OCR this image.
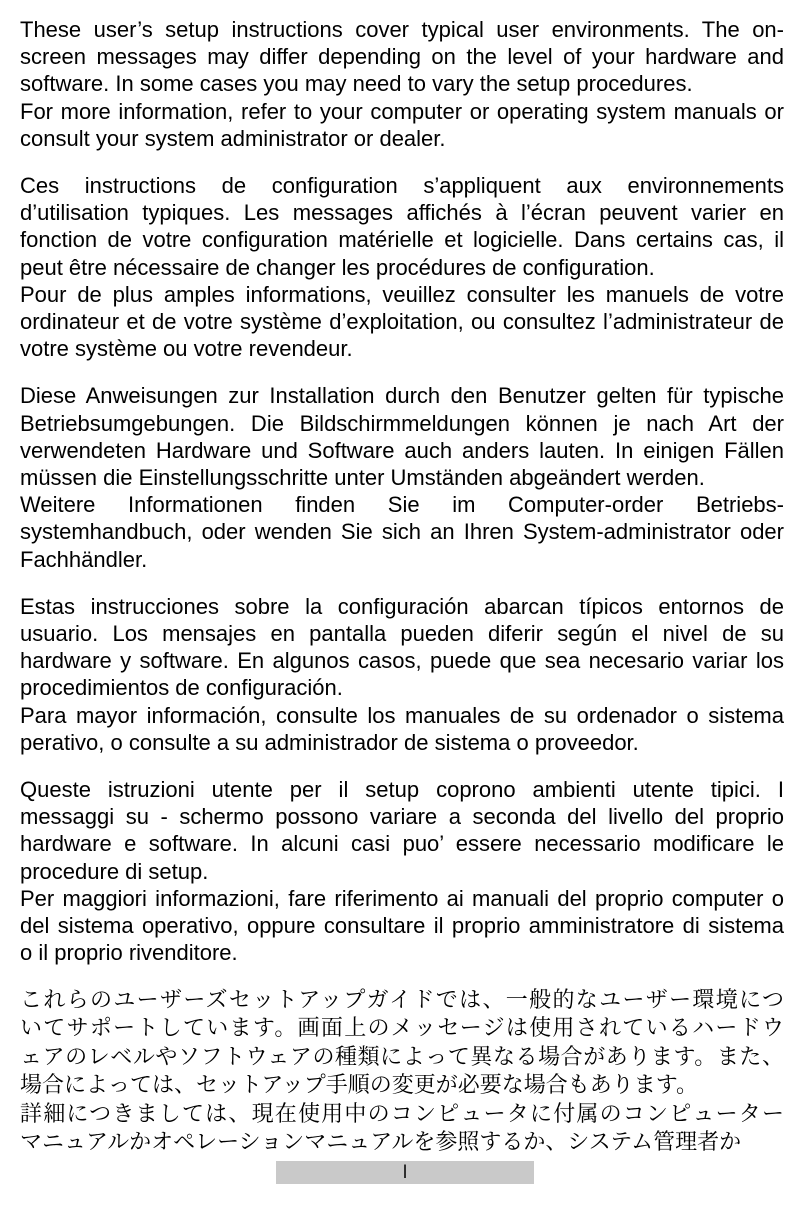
These user’s setup instructions cover typical user environments. The on-
screen messages may differ depending on the level of your hardware and
software. In some cases you may need to vary the setup procedures.
For more information, refer to your computer or operating system manuals or
consult your system administrator or dealer.
Ces instructions de configuration s’appliquent aux environnements
d’utilisation typiques. Les messages affichés à l’écran peuvent varier en
fonction de votre configuration matérielle et logicielle. Dans certains cas, il
peut être nécessaire de changer les procédures de configuration.
Pour de plus amples informations, veuillez consulter les manuels de votre
ordinateur et de votre système d’exploitation, ou consultez l’administrateur de
votre système ou votre revendeur.
Diese Anweisungen zur Installation durch den Benutzer gelten für typische
Betriebsumgebungen. Die Bildschirmmeldungen können je nach Art der
verwendeten Hardware und Software auch anders lauten. In einigen Fällen
müssen die Einstellungsschritte unter Umständen abgeändert werden.
Weitere Informationen finden Sie im Computer-order Betriebs-
systemhandbuch, oder wenden Sie sich an Ihren System-administrator oder
Fachhändler.
Estas instrucciones sobre la configuración abarcan típicos entornos de
usuario. Los mensajes en pantalla pueden diferir según el nivel de su
hardware y software. En algunos casos, puede que sea necesario variar los
procedimientos de configuración.
Para mayor información, consulte los manuales de su ordenador o sistema
perativo, o consulte a su administrador de sistema o proveedor.
Queste istruzioni utente per il setup coprono ambienti utente tipici. I
messaggi su - schermo possono variare a seconda del livello del proprio
hardware e software. In alcuni casi puo’ essere necessario modificare le
procedure di setup.
Per maggiori informazioni, fare riferimento ai manuali del proprio computer o
del sistema operativo, oppure consultare il proprio amministratore di sistema
o il proprio rivenditore.
これらのユーザーズセットアップガイドでは、一般的なユーザー環境につ
いてサポートしています。画面上のメッセージは使用されているハードウ
ェアのレベルやソフトウェアの種類によって異なる場合があります。また、
場合によっては、セットアップ手順の変更が必要な場合もあります。
詳細につきましては、現在使用中のコンピュータに付属のコンピューター
マニュアルかオペレーションマニュアルを参照するか、システム管理者か
I
